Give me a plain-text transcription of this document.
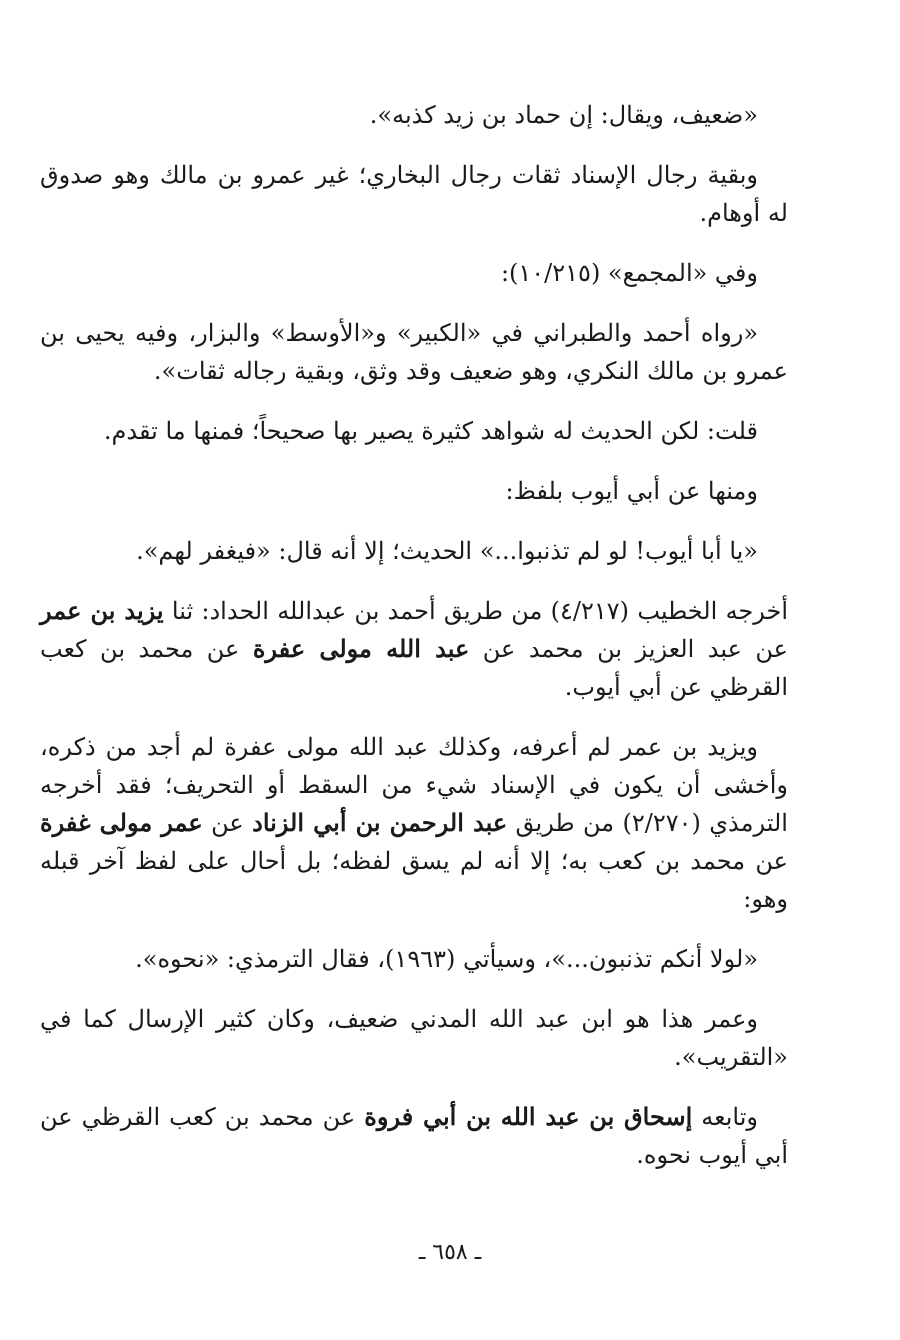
«ضعيف، ويقال: إن حماد بن زيد كذبه».

وبقية رجال الإسناد ثقات رجال البخاري؛ غير عمرو بن مالك وهو صدوق له أوهام.

وفي «المجمع» (١٠/٢١٥):

«رواه أحمد والطبراني في «الكبير» و«الأوسط» والبزار، وفيه يحيى بن عمرو بن مالك النكري، وهو ضعيف وقد وثق، وبقية رجاله ثقات».

قلت: لكن الحديث له شواهد كثيرة يصير بها صحيحاً؛ فمنها ما تقدم.

ومنها عن أبي أيوب بلفظ:

«يا أبا أيوب! لو لم تذنبوا...» الحديث؛ إلا أنه قال: «فيغفر لهم».

أخرجه الخطيب (٤/٢١٧) من طريق أحمد بن عبدالله الحداد: ثنا يزيد بن عمر عن عبد العزيز بن محمد عن عبد الله مولى عفرة عن محمد بن كعب القرظي عن أبي أيوب.

ويزيد بن عمر لم أعرفه، وكذلك عبد الله مولى عفرة لم أجد من ذكره، وأخشى أن يكون في الإسناد شيء من السقط أو التحريف؛ فقد أخرجه الترمذي (٢/٢٧٠) من طريق عبد الرحمن بن أبي الزناد عن عمر مولى غفرة عن محمد بن كعب به؛ إلا أنه لم يسق لفظه؛ بل أحال على لفظ آخر قبله وهو:

«لولا أنكم تذنبون...»، وسيأتي (١٩٦٣)، فقال الترمذي: «نحوه».

وعمر هذا هو ابن عبد الله المدني ضعيف، وكان كثير الإرسال كما في «التقريب».

وتابعه إسحاق بن عبد الله بن أبي فروة عن محمد بن كعب القرظي عن أبي أيوب نحوه.

ـ ٦٥٨ ـ
